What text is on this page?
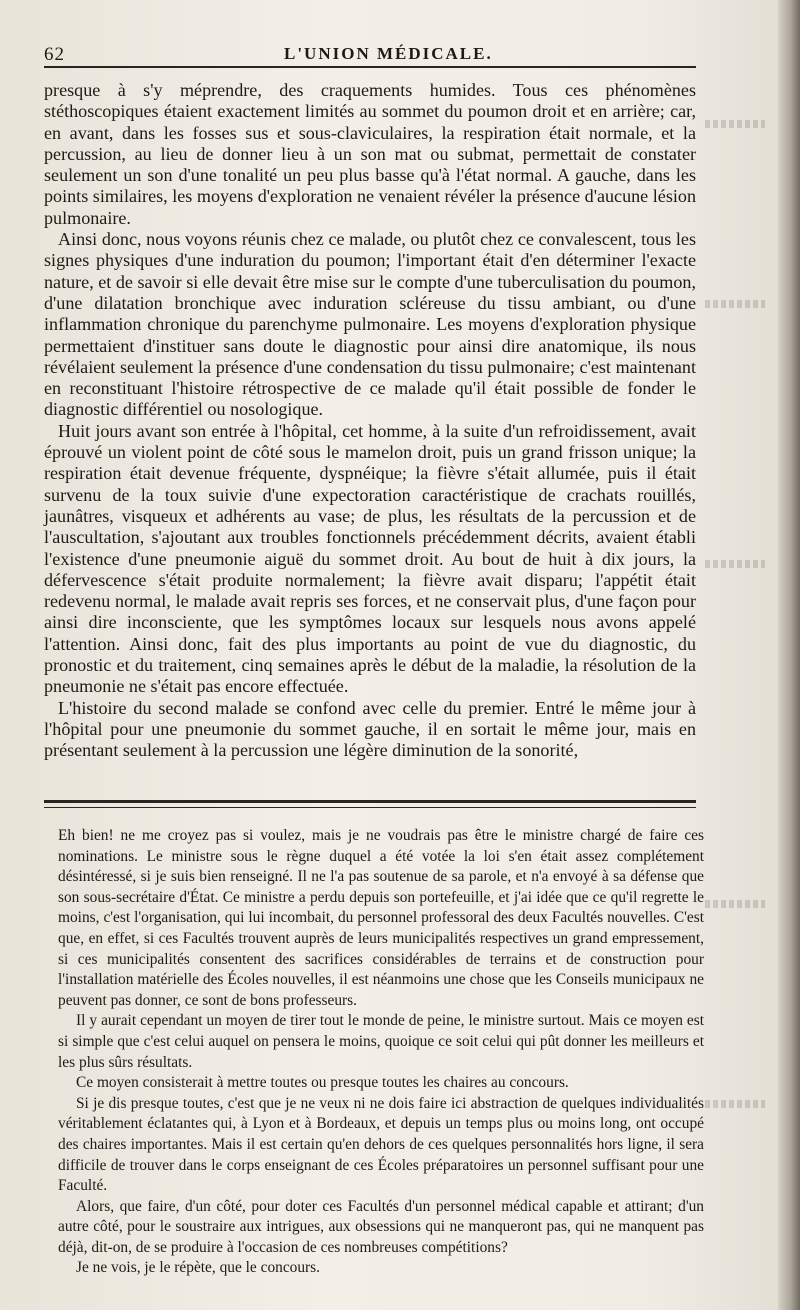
62	L'UNION MÉDICALE.

presque à s'y méprendre, des craquements humides. Tous ces phénomènes stéthoscopiques étaient exactement limités au sommet du poumon droit et en arrière; car, en avant, dans les fosses sus et sous-claviculaires, la respiration était normale, et la percussion, au lieu de donner lieu à un son mat ou submat, permettait de constater seulement un son d'une tonalité un peu plus basse qu'à l'état normal. A gauche, dans les points similaires, les moyens d'exploration ne venaient révéler la présence d'aucune lésion pulmonaire.

Ainsi donc, nous voyons réunis chez ce malade, ou plutôt chez ce convalescent, tous les signes physiques d'une induration du poumon; l'important était d'en déterminer l'exacte nature, et de savoir si elle devait être mise sur le compte d'une tuberculisation du poumon, d'une dilatation bronchique avec induration scléreuse du tissu ambiant, ou d'une inflammation chronique du parenchyme pulmonaire. Les moyens d'exploration physique permettaient d'instituer sans doute le diagnostic pour ainsi dire anatomique, ils nous révélaient seulement la présence d'une condensation du tissu pulmonaire; c'est maintenant en reconstituant l'histoire rétrospective de ce malade qu'il était possible de fonder le diagnostic différentiel ou nosologique.

Huit jours avant son entrée à l'hôpital, cet homme, à la suite d'un refroidissement, avait éprouvé un violent point de côté sous le mamelon droit, puis un grand frisson unique; la respiration était devenue fréquente, dyspnéique; la fièvre s'était allumée, puis il était survenu de la toux suivie d'une expectoration caractéristique de crachats rouillés, jaunâtres, visqueux et adhérents au vase; de plus, les résultats de la percussion et de l'auscultation, s'ajoutant aux troubles fonctionnels précédemment décrits, avaient établi l'existence d'une pneumonie aiguë du sommet droit. Au bout de huit à dix jours, la défervescence s'était produite normalement; la fièvre avait disparu; l'appétit était redevenu normal, le malade avait repris ses forces, et ne conservait plus, d'une façon pour ainsi dire inconsciente, que les symptômes locaux sur lesquels nous avons appelé l'attention. Ainsi donc, fait des plus importants au point de vue du diagnostic, du pronostic et du traitement, cinq semaines après le début de la maladie, la résolution de la pneumonie ne s'était pas encore effectuée.

L'histoire du second malade se confond avec celle du premier. Entré le même jour à l'hôpital pour une pneumonie du sommet gauche, il en sortait le même jour, mais en présentant seulement à la percussion une légère diminution de la sonorité,

Eh bien! ne me croyez pas si voulez, mais je ne voudrais pas être le ministre chargé de faire ces nominations. Le ministre sous le règne duquel a été votée la loi s'en était assez complétement désintéressé, si je suis bien renseigné. Il ne l'a pas soutenue de sa parole, et n'a envoyé à sa défense que son sous-secrétaire d'État. Ce ministre a perdu depuis son portefeuille, et j'ai idée que ce qu'il regrette le moins, c'est l'organisation, qui lui incombait, du personnel professoral des deux Facultés nouvelles. C'est que, en effet, si ces Facultés trouvent auprès de leurs municipalités respectives un grand empressement, si ces municipalités consentent des sacrifices considérables de terrains et de construction pour l'installation matérielle des Écoles nouvelles, il est néanmoins une chose que les Conseils municipaux ne peuvent pas donner, ce sont de bons professeurs.

Il y aurait cependant un moyen de tirer tout le monde de peine, le ministre surtout. Mais ce moyen est si simple que c'est celui auquel on pensera le moins, quoique ce soit celui qui pût donner les meilleurs et les plus sûrs résultats.

Ce moyen consisterait à mettre toutes ou presque toutes les chaires au concours.

Si je dis presque toutes, c'est que je ne veux ni ne dois faire ici abstraction de quelques individualités véritablement éclatantes qui, à Lyon et à Bordeaux, et depuis un temps plus ou moins long, ont occupé des chaires importantes. Mais il est certain qu'en dehors de ces quelques personnalités hors ligne, il sera difficile de trouver dans le corps enseignant de ces Écoles préparatoires un personnel suffisant pour une Faculté.

Alors, que faire, d'un côté, pour doter ces Facultés d'un personnel médical capable et attirant; d'un autre côté, pour le soustraire aux intrigues, aux obsessions qui ne manqueront pas, qui ne manquent pas déjà, dit-on, de se produire à l'occasion de ces nombreuses compétitions?

Je ne vois, je le répète, que le concours.
